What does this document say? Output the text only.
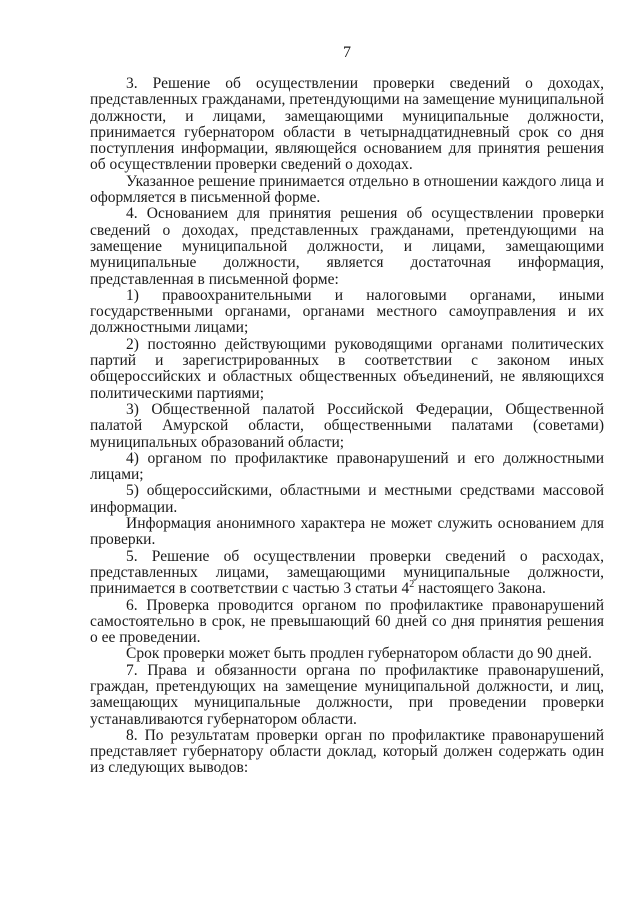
7

3. Решение об осуществлении проверки сведений о доходах, представленных гражданами, претендующими на замещение муниципальной должности, и лицами, замещающими муниципальные должности, принимается губернатором области в четырнадцатидневный срок со дня поступления информации, являющейся основанием для принятия решения об осуществлении проверки сведений о доходах.

Указанное решение принимается отдельно в отношении каждого лица и оформляется в письменной форме.

4. Основанием для принятия решения об осуществлении проверки сведений о доходах, представленных гражданами, претендующими на замещение муниципальной должности, и лицами, замещающими муниципальные должности, является достаточная информация, представленная в письменной форме:

1) правоохранительными и налоговыми органами, иными государственными органами, органами местного самоуправления и их должностными лицами;

2) постоянно действующими руководящими органами политических партий и зарегистрированных в соответствии с законом иных общероссийских и областных общественных объединений, не являющихся политическими партиями;

3) Общественной палатой Российской Федерации, Общественной палатой Амурской области, общественными палатами (советами) муниципальных образований области;

4) органом по профилактике правонарушений и его должностными лицами;

5) общероссийскими, областными и местными средствами массовой информации.

Информация анонимного характера не может служить основанием для проверки.

5. Решение об осуществлении проверки сведений о расходах, представленных лицами, замещающими муниципальные должности, принимается в соответствии с частью 3 статьи $4^2$ настоящего Закона.

6. Проверка проводится органом по профилактике правонарушений самостоятельно в срок, не превышающий 60 дней со дня принятия решения о ее проведении.

Срок проверки может быть продлен губернатором области до 90 дней.

7. Права и обязанности органа по профилактике правонарушений, граждан, претендующих на замещение муниципальной должности, и лиц, замещающих муниципальные должности, при проведении проверки устанавливаются губернатором области.

8. По результатам проверки орган по профилактике правонарушений представляет губернатору области доклад, который должен содержать один из следующих выводов:
